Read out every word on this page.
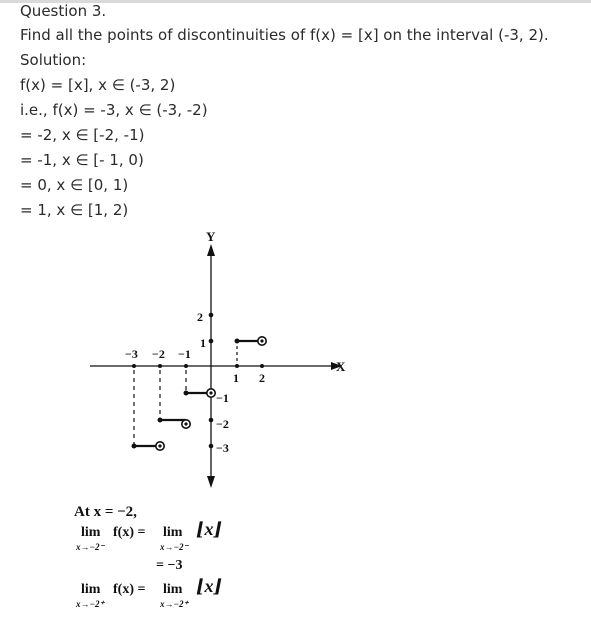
Question 3.
Find all the points of discontinuities of f(x) = [x] on the interval (-3, 2).
Solution:
f(x) = [x], x ∈ (-3, 2)
i.e., f(x) = -3, x ∈ (-3, -2)
= -2, x ∈ [-2, -1)
= -1, x ∈ [- 1, 0)
= 0, x ∈ [0, 1)
= 1, x ∈ [1, 2)
Y
X
−3 −2 −1
1 2
2
1
−1
−2
−3
At x = −2,
lim f(x) = lim ⌊x⌋
x→−2⁻	x→−2⁻
= −3
lim f(x) = lim ⌊x⌋
x→−2⁺	x→−2⁺
